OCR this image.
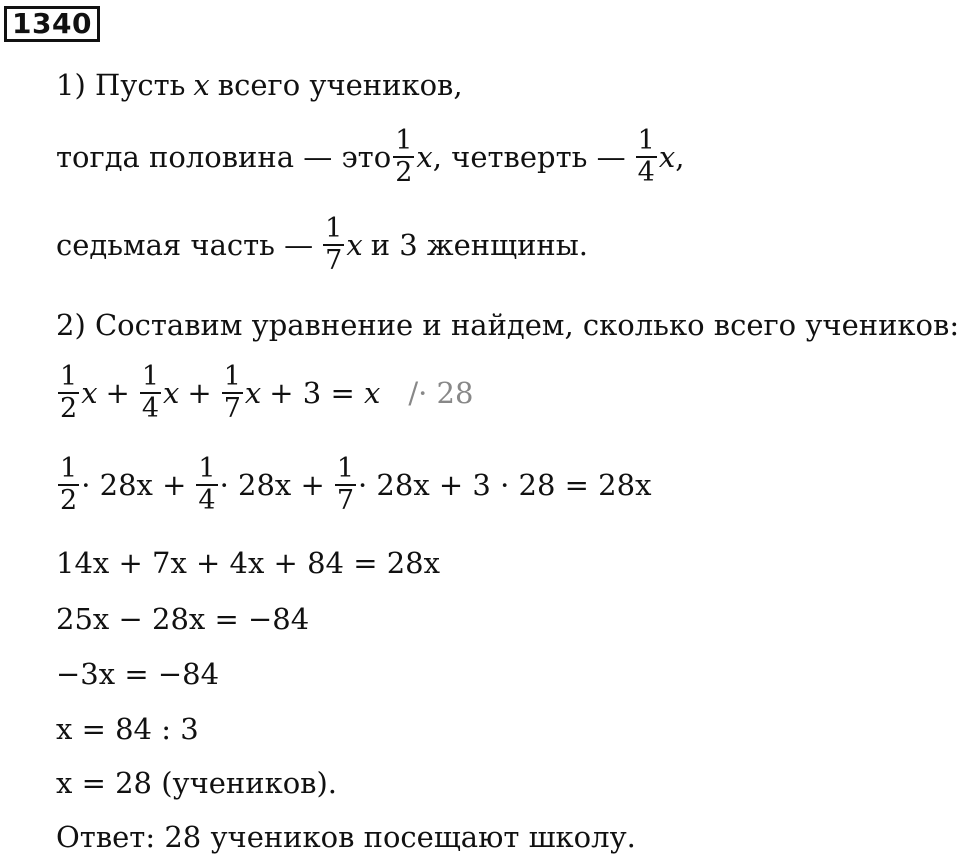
1340
1) Пусть x всего учеников,
тогда половина — это $\frac{1}{2}$ x , четверть — $\frac{1}{4}$ x ,
седьмая часть — $\frac{1}{7}$ x и 3 женщины.
2) Составим уравнение и найдем, сколько всего учеников:
$\frac{1}{2}$ $x + \frac{1}{4}$ $x + \frac{1}{7}$ x + 3 = x /· 28
$\frac{1}{2} \cdot 28x + \frac{1}{4} \cdot 28x + \frac{1}{7} \cdot 28x + 3 \cdot 28 = 28x$
14x + 7x + 4x + 84 = 28x
25x − 28x = −84
−3x = −84
x = 84 : 3
x = 28 (учеников).
Ответ: 28 учеников посещают школу.
